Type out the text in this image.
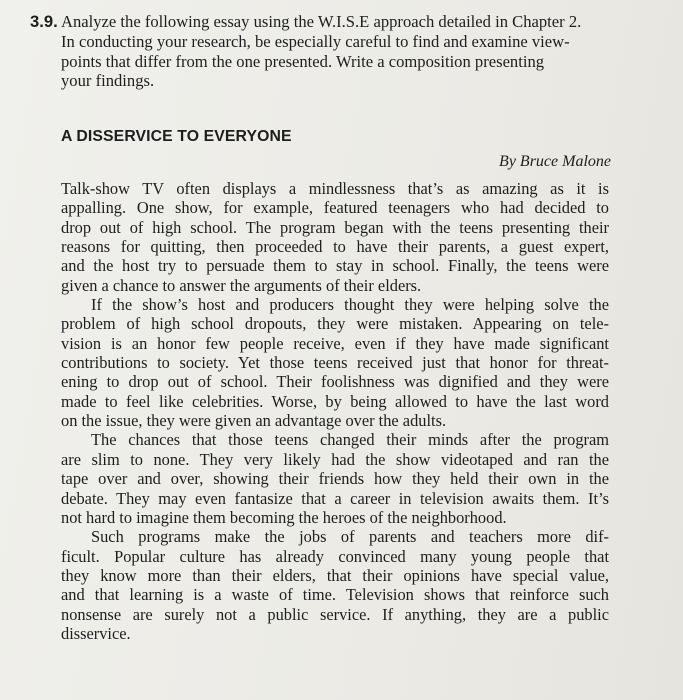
3.9. Analyze the following essay using the W.I.S.E approach detailed in Chapter 2.
In conducting your research, be especially careful to find and examine view-
points that differ from the one presented. Write a composition presenting
your findings.
A DISSERVICE TO EVERYONE
By Bruce Malone
Talk-show TV often displays a mindlessness that’s as amazing as it is
appalling. One show, for example, featured teenagers who had decided to
drop out of high school. The program began with the teens presenting their
reasons for quitting, then proceeded to have their parents, a guest expert,
and the host try to persuade them to stay in school. Finally, the teens were
given a chance to answer the arguments of their elders.
If the show’s host and producers thought they were helping solve the
problem of high school dropouts, they were mistaken. Appearing on tele-
vision is an honor few people receive, even if they have made significant
contributions to society. Yet those teens received just that honor for threat-
ening to drop out of school. Their foolishness was dignified and they were
made to feel like celebrities. Worse, by being allowed to have the last word
on the issue, they were given an advantage over the adults.
The chances that those teens changed their minds after the program
are slim to none. They very likely had the show videotaped and ran the
tape over and over, showing their friends how they held their own in the
debate. They may even fantasize that a career in television awaits them. It’s
not hard to imagine them becoming the heroes of the neighborhood.
Such programs make the jobs of parents and teachers more dif-
ficult. Popular culture has already convinced many young people that
they know more than their elders, that their opinions have special value,
and that learning is a waste of time. Television shows that reinforce such
nonsense are surely not a public service. If anything, they are a public
disservice.
